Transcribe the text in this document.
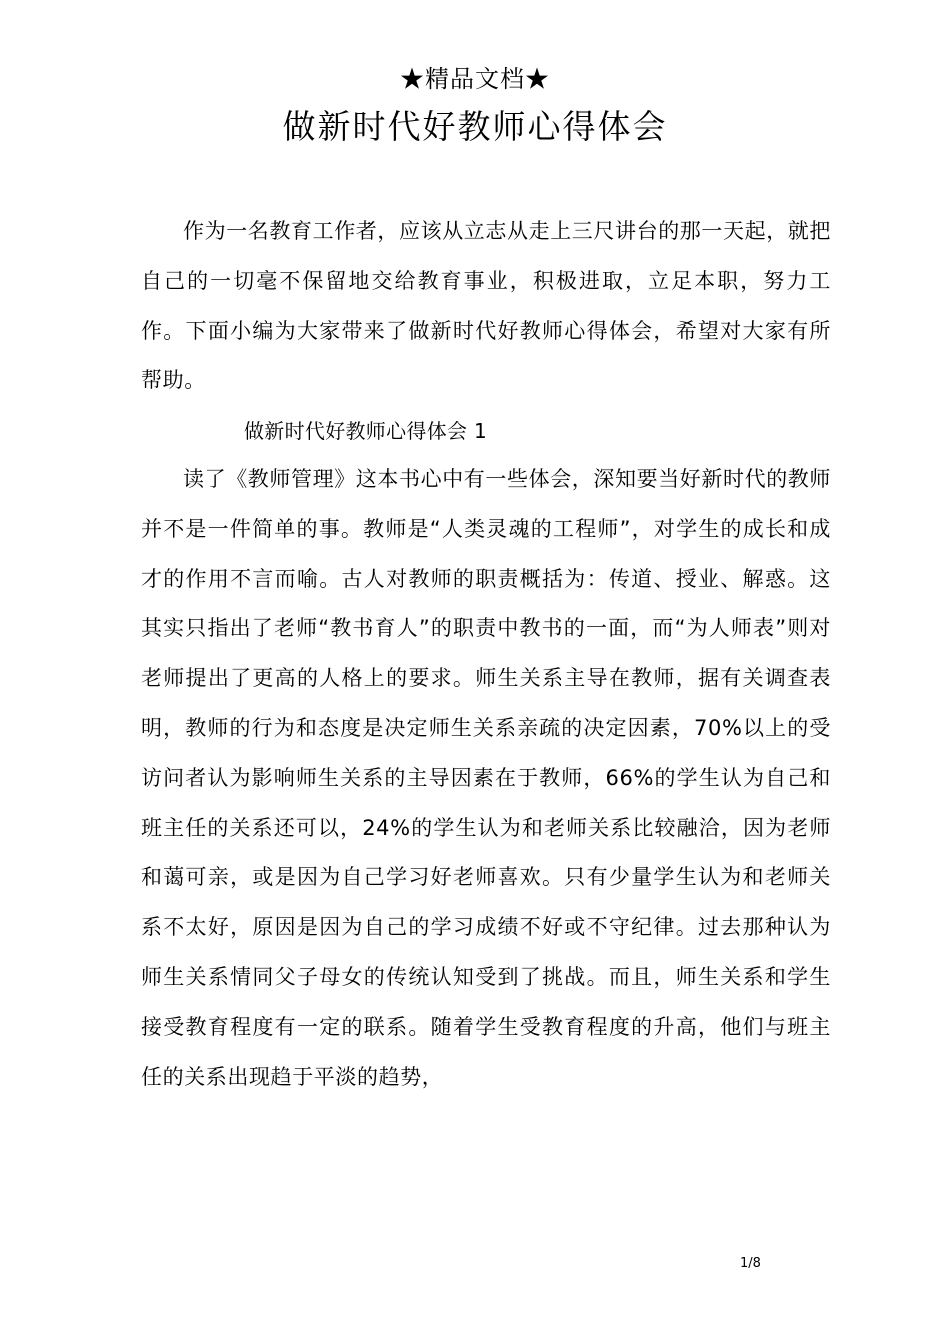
★精品文档★
做新时代好教师心得体会

作为一名教育工作者，应该从立志从走上三尺讲台的那一天起，就把自己的一切毫不保留地交给教育事业，积极进取，立足本职，努力工作。下面小编为大家带来了做新时代好教师心得体会，希望对大家有所帮助。

做新时代好教师心得体会 1

读了《教师管理》这本书心中有一些体会，深知要当好新时代的教师并不是一件简单的事。教师是“人类灵魂的工程师”，对学生的成长和成才的作用不言而喻。古人对教师的职责概括为：传道、授业、解惑。这其实只指出了老师“教书育人”的职责中教书的一面，而“为人师表”则对老师提出了更高的人格上的要求。师生关系主导在教师，据有关调查表明，教师的行为和态度是决定师生关系亲疏的决定因素，70%以上的受访问者认为影响师生关系的主导因素在于教师，66%的学生认为自己和班主任的关系还可以，24%的学生认为和老师关系比较融洽，因为老师和蔼可亲，或是因为自己学习好老师喜欢。只有少量学生认为和老师关系不太好，原因是因为自己的学习成绩不好或不守纪律。过去那种认为师生关系情同父子母女的传统认知受到了挑战。而且，师生关系和学生接受教育程度有一定的联系。随着学生受教育程度的升高，他们与班主任的关系出现趋于平淡的趋势，

1/8
